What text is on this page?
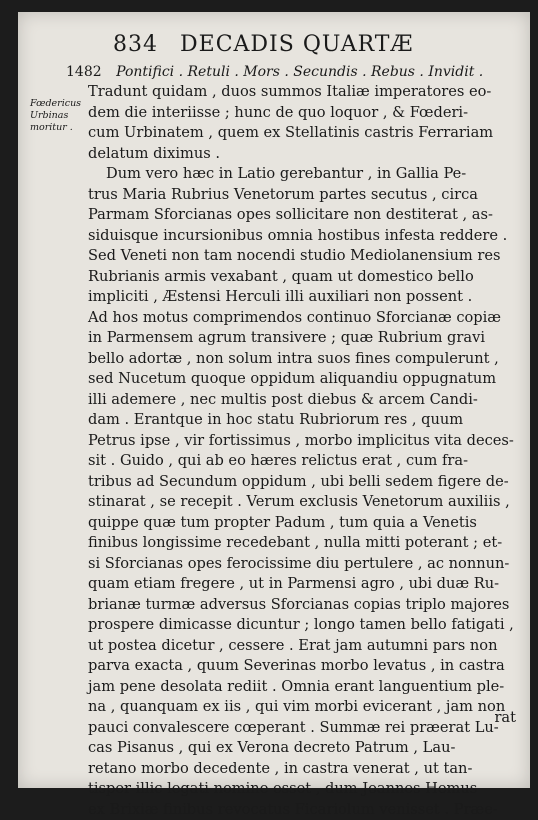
834 DECADIS QUARTÆ
1482 Pontifici . Retuli . Mors . Secundis . Rebus . Invidit .
Fœdericus
Urbinas
moritur .
Tradunt quidam , duos summos Italiæ imperatores eo-
dem die interiisse ; hunc de quo loquor , & Fœderi-
cum Urbinatem , quem ex Stellatinis castris Ferrariam
delatum diximus .
Dum vero hæc in Latio gerebantur , in Gallia Pe-
trus Maria Rubrius Venetorum partes secutus , circa
Parmam Sforcianas opes sollicitare non destiterat , as-
siduisque incursionibus omnia hostibus infesta reddere .
Sed Veneti non tam nocendi studio Mediolanensium res
Rubrianis armis vexabant , quam ut domestico bello
impliciti , Æstensi Herculi illi auxiliari non possent .
Ad hos motus comprimendos continuo Sforcianæ copiæ
in Parmensem agrum transivere ; quæ Rubrium gravi
bello adortæ , non solum intra suos fines compulerunt ,
sed Nucetum quoque oppidum aliquandiu oppugnatum
illi ademere , nec multis post diebus & arcem Candi-
dam . Erantque in hoc statu Rubriorum res , quum
Petrus ipse , vir fortissimus , morbo implicitus vita deces-
sit . Guido , qui ab eo hæres relictus erat , cum fra-
tribus ad Secundum oppidum , ubi belli sedem figere de-
stinarat , se recepit . Verum exclusis Venetorum auxiliis ,
quippe quæ tum propter Padum , tum quia a Venetis
finibus longissime recedebant , nulla mitti poterant ; et-
si Sforcianas opes ferocissime diu pertulere , ac nonnun-
quam etiam fregere , ut in Parmensi agro , ubi duæ Ru-
brianæ turmæ adversus Sforcianas copias triplo majores
prospere dimicasse dicuntur ; longo tamen bello fatigati ,
ut postea dicetur , cessere . Erat jam autumni pars non
parva exacta , quum Severinas morbo levatus , in castra
jam pene desolata rediit . Omnia erant languentium ple-
na , quanquam ex iis , qui vim morbi evicerant , jam non
pauci convalescere cœperant . Summæ rei præerat Lu-
cas Pisanus , qui ex Verona decreto Patrum , Lau-
retano morbo decedente , in castra venerat , ut tan-
tisper illic legati nomine esset , dum Joannes Hemus
ex Brixiæ finibus revocatus Ficariolum venisset . Præe-
rat
